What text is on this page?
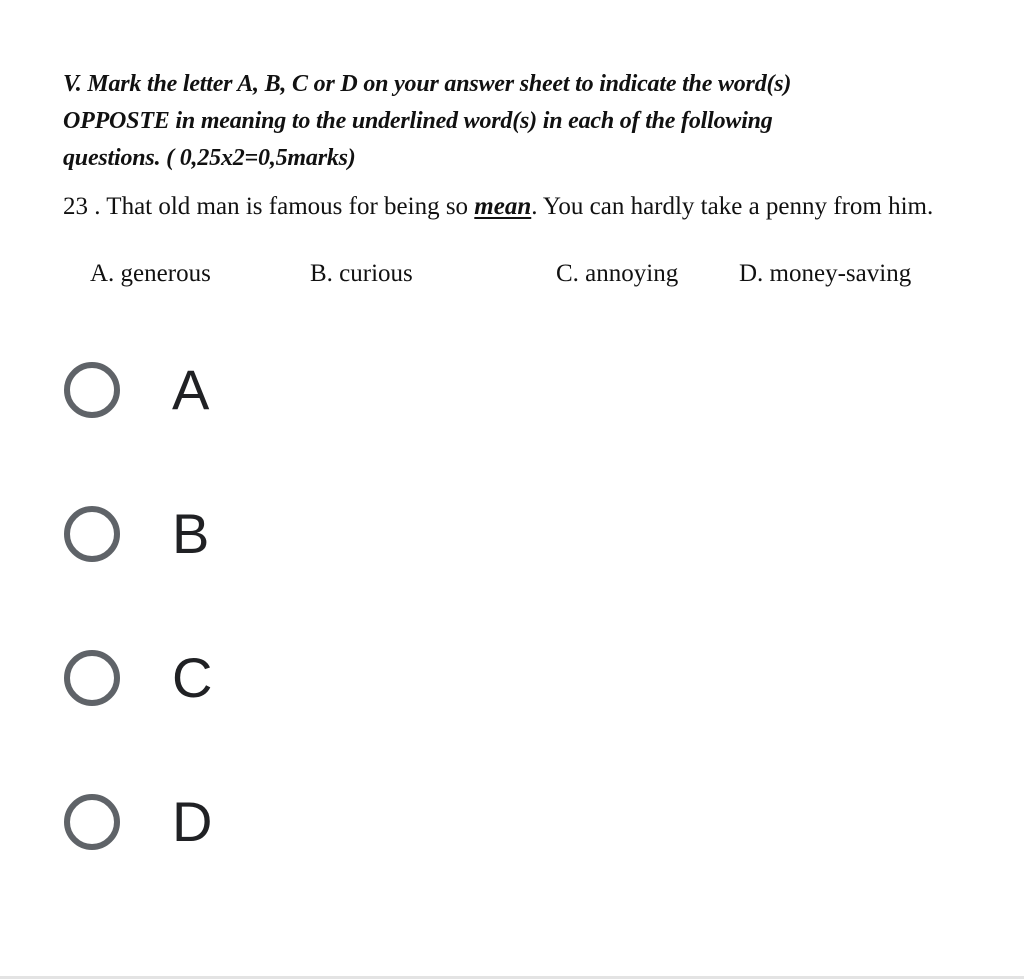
V. Mark the letter A, B, C or D on your answer sheet to indicate the word(s)
OPPOSTE in meaning to the underlined word(s) in each of the following
questions. ( 0,25x2=0,5marks)

23 . That old man is famous for being so mean. You can hardly take a penny from him.

A. generous	B. curious	C. annoying D. money-saving
A
B
C
D
